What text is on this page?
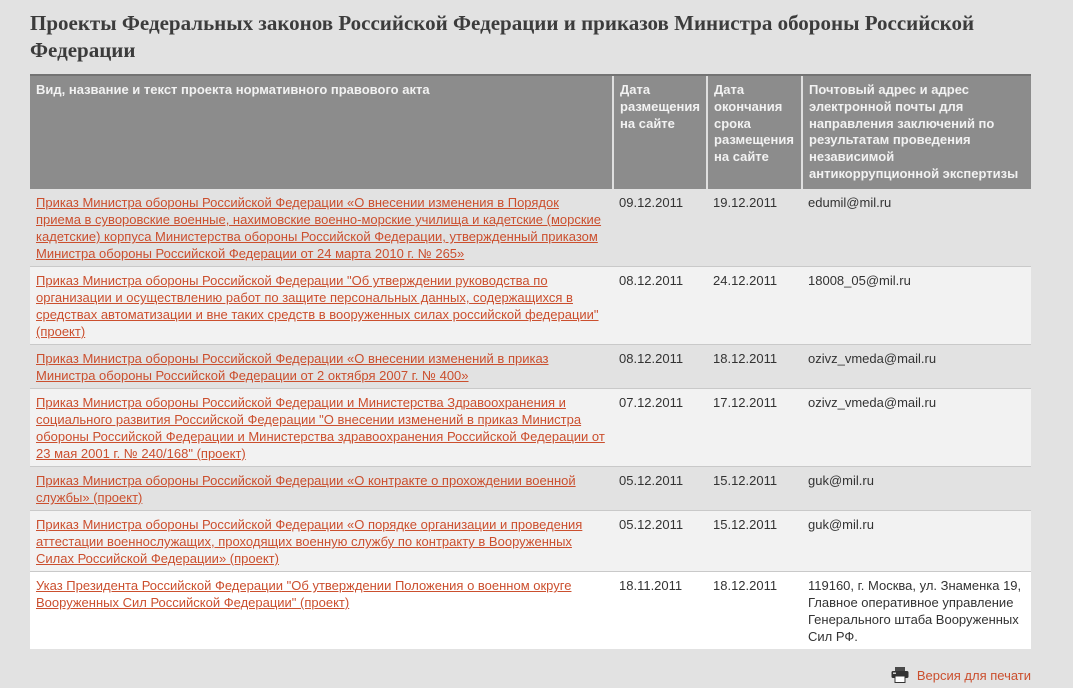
Проекты Федеральных законов Российской Федерации и приказов Министра обороны Российской Федерации
Вид, название и текст проекта нормативного правового акта	Дата размещения на сайте	Дата окончания срока размещения на сайте	Почтовый адрес и адрес электронной почты для направления заключений по результатам проведения независимой антикоррупционной экспертизы
Приказ Министра обороны Российской Федерации «О внесении изменения в Порядок приема в суворовские военные, нахимовские военно-морские училища и кадетские (морские кадетские) корпуса Министерства обороны Российской Федерации, утвержденный приказом Министра обороны Российской Федерации от 24 марта 2010 г. № 265»	09.12.2011	19.12.2011	edumil@mil.ru
Приказ Министра обороны Российской Федерации "Об утверждении руководства по организации и осуществлению работ по защите персональных данных, содержащихся в средствах автоматизации и вне таких средств в вооруженных силах российской федерации" (проект)	08.12.2011	24.12.2011	18008_05@mil.ru
Приказ Министра обороны Российской Федерации «О внесении изменений в приказ Министра обороны Российской Федерации от 2 октября 2007 г. № 400»	08.12.2011	18.12.2011	ozivz_vmeda@mail.ru
Приказ Министра обороны Российской Федерации и Министерства Здравоохранения и социального развития Российской Федерации "О внесении изменений в приказ Министра обороны Российской Федерации и Министерства здравоохранения Российской Федерации от 23 мая 2001 г. № 240/168" (проект)	07.12.2011	17.12.2011	ozivz_vmeda@mail.ru
Приказ Министра обороны Российской Федерации «О контракте о прохождении военной службы» (проект)	05.12.2011	15.12.2011	guk@mil.ru
Приказ Министра обороны Российской Федерации «О порядке организации и проведения аттестации военнослужащих, проходящих военную службу по контракту в Вооруженных Силах Российской Федерации» (проект)	05.12.2011	15.12.2011	guk@mil.ru
Указ Президента Российской Федерации "Об утверждении Положения о военном округе Вооруженных Сил Российской Федерации" (проект)	18.11.2011	18.12.2011	119160, г. Москва, ул. Знаменка 19, Главное оперативное управление Генерального штаба Вооруженных Сил РФ.
Версия для печати
